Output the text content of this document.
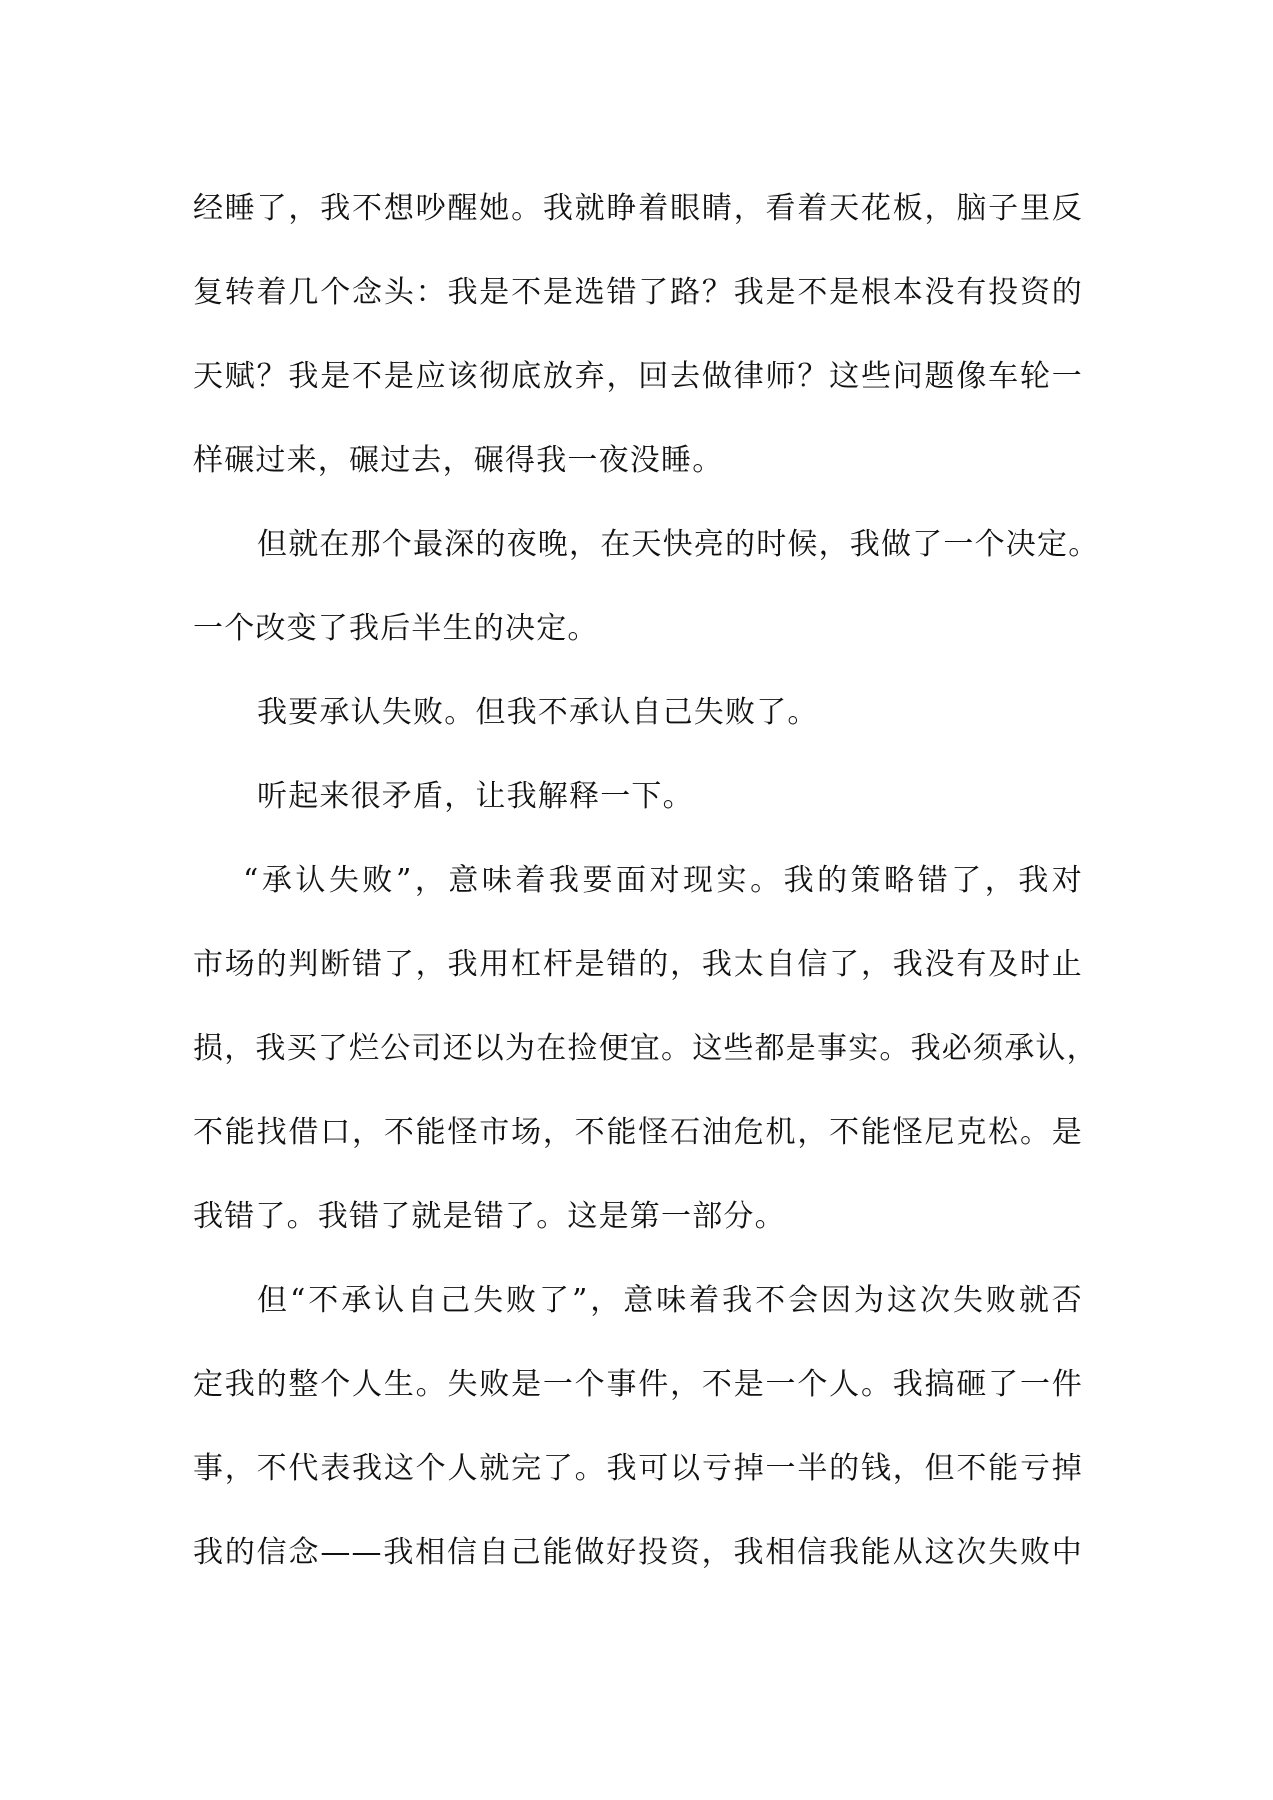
经睡了，我不想吵醒她。我就睁着眼睛，看着天花板，脑子里反
复转着几个念头：我是不是选错了路？我是不是根本没有投资的
天赋？我是不是应该彻底放弃，回去做律师？这些问题像车轮一
样碾过来，碾过去，碾得我一夜没睡。
但就在那个最深的夜晚，在天快亮的时候，我做了一个决定。
一个改变了我后半生的决定。
我要承认失败。但我不承认自己失败了。
听起来很矛盾，让我解释一下。
“承认失败”，意味着我要面对现实。我的策略错了，我对
市场的判断错了，我用杠杆是错的，我太自信了，我没有及时止
损，我买了烂公司还以为在捡便宜。这些都是事实。我必须承认，
不能找借口，不能怪市场，不能怪石油危机，不能怪尼克松。是
我错了。我错了就是错了。这是第一部分。
但“不承认自己失败了”，意味着我不会因为这次失败就否
定我的整个人生。失败是一个事件，不是一个人。我搞砸了一件
事，不代表我这个人就完了。我可以亏掉一半的钱，但不能亏掉
我的信念——我相信自己能做好投资，我相信我能从这次失败中
